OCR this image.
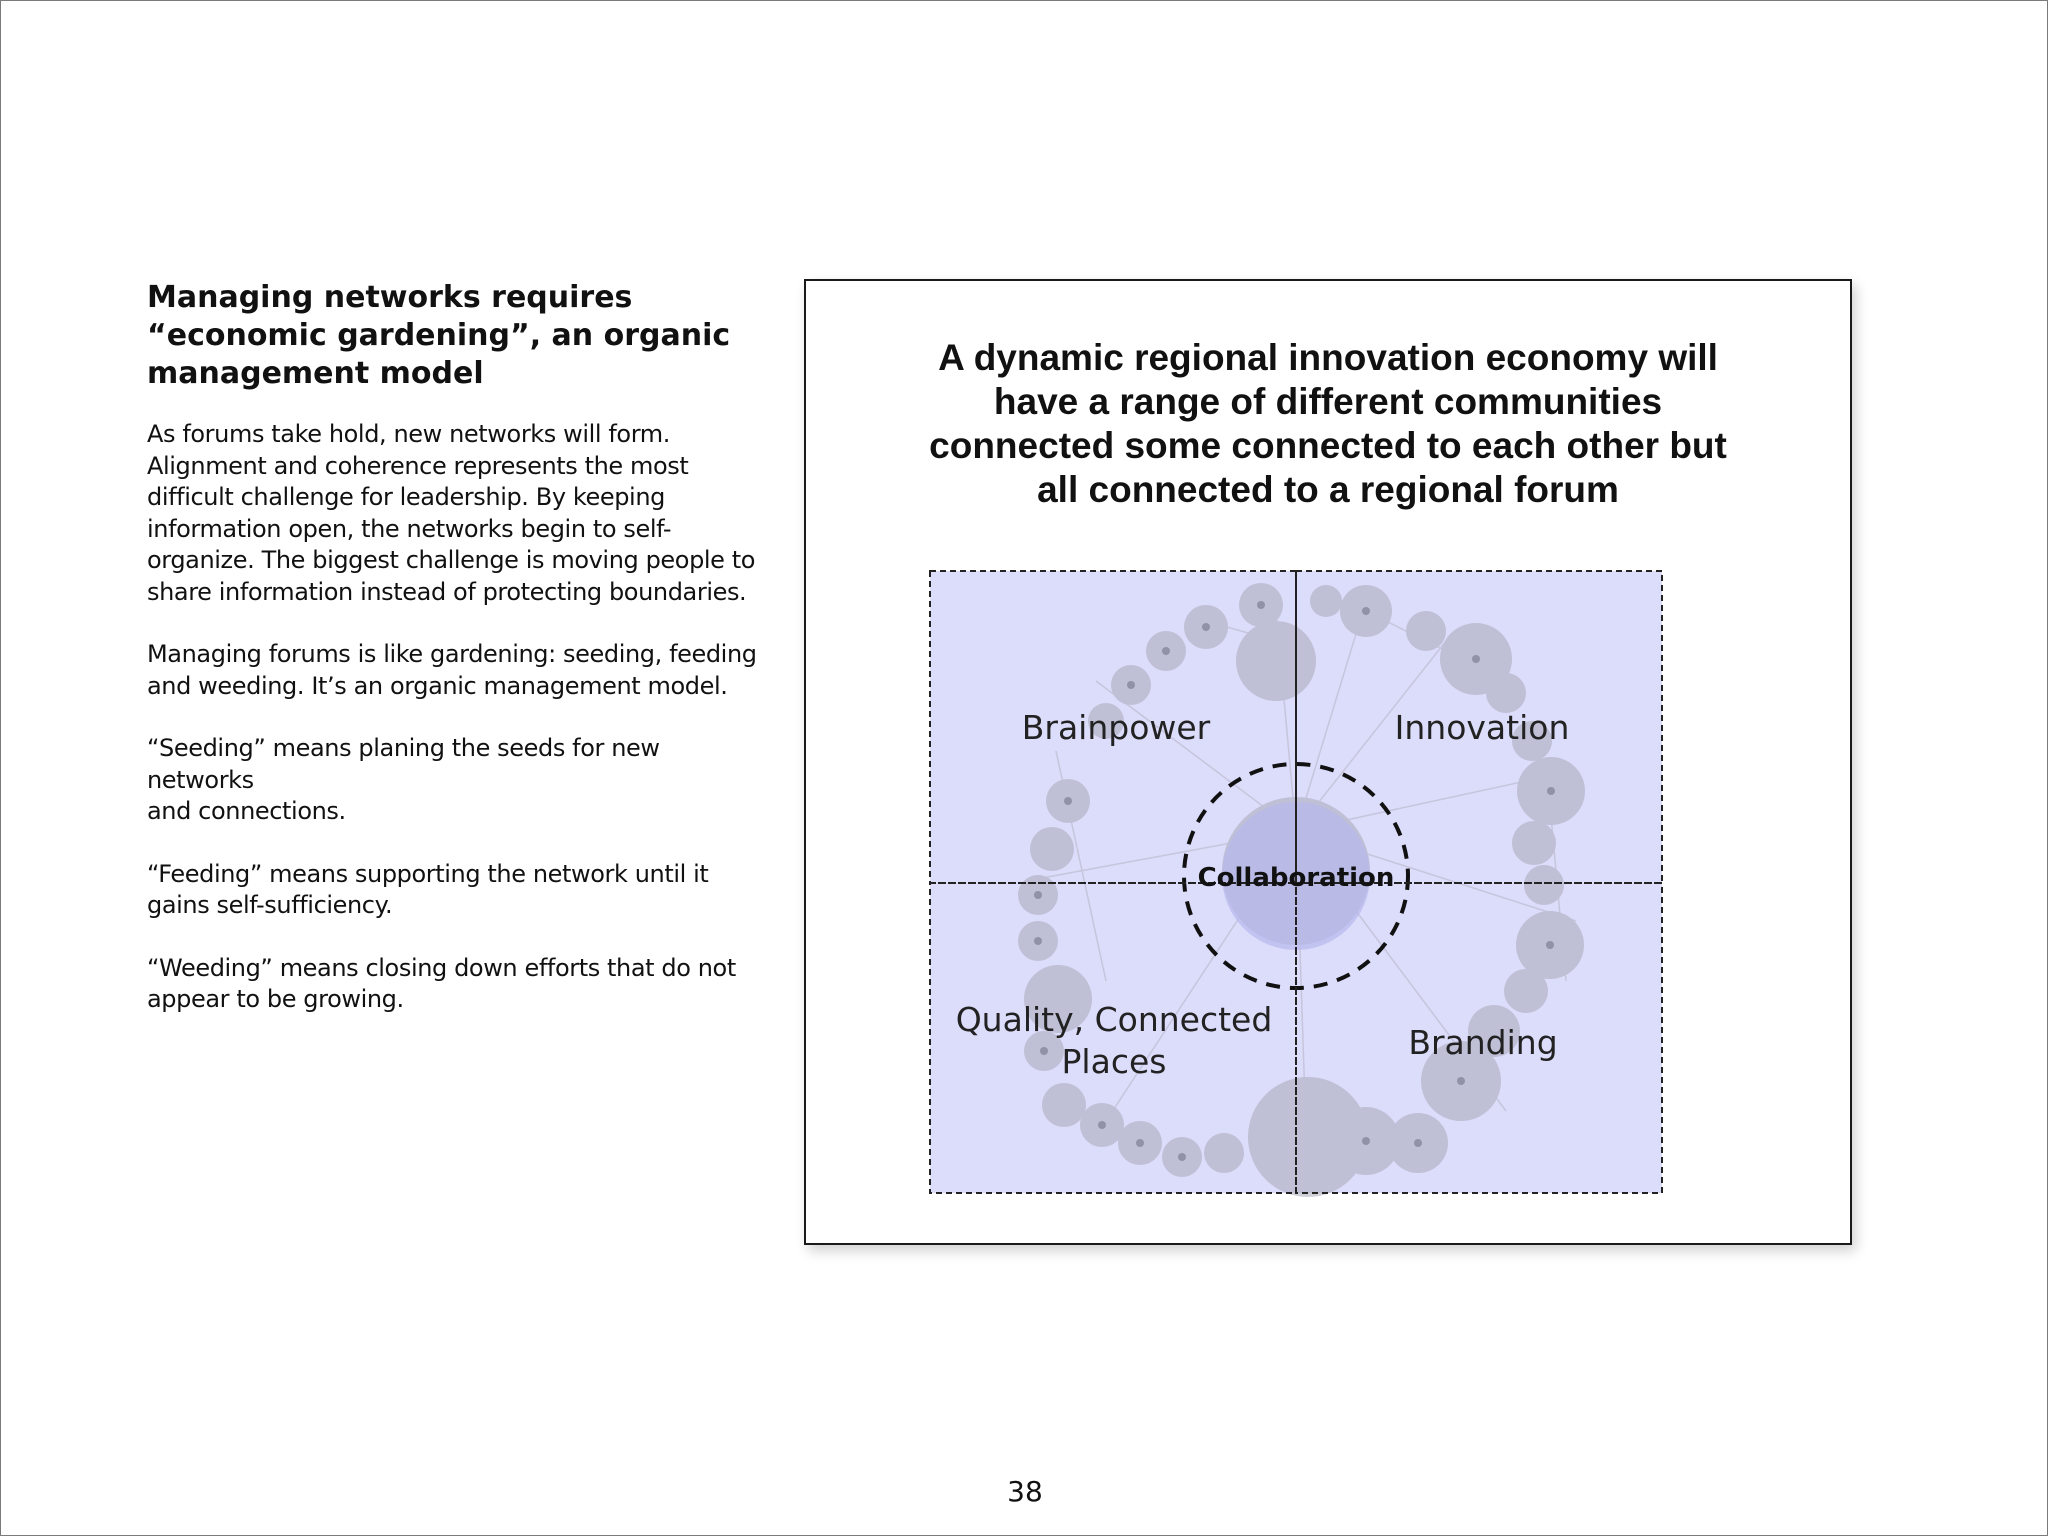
Managing networks requires
“economic gardening”, an organic
management model
As forums take hold, new networks will form.
Alignment and coherence represents the most
difficult challenge for leadership. By keeping
information open, the networks begin to self-
organize. The biggest challenge is moving people to
share information instead of protecting boundaries.
Managing forums is like gardening: seeding, feeding
and weeding. It’s an organic management model.
“Seeding” means planing the seeds for new networks
and connections.
“Feeding” means supporting the network until it
gains self-sufficiency.
“Weeding” means closing down efforts that do not
appear to be growing.
A dynamic regional innovation economy will
have a range of different communities
connected some connected to each other but
all connected to a regional forum
Brainpower	Innovation
Quality, Connected
Places	Branding
Collaboration
38
